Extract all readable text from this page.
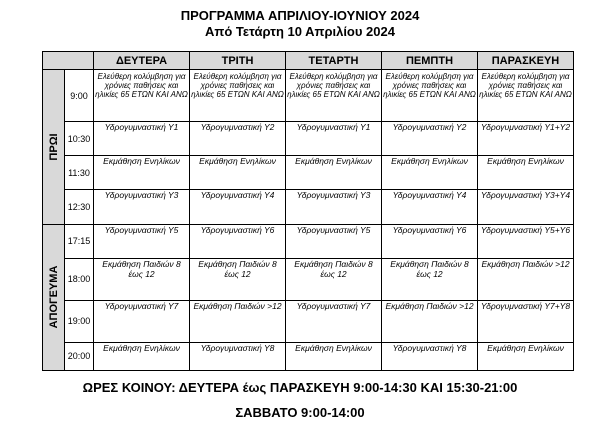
ΠΡΟΓΡΑΜΜΑ ΑΠΡΙΛΙΟΥ-ΙΟΥΝΙΟΥ 2024
Από Τετάρτη 10 Απριλίου 2024
		ΔΕΥΤΕΡΑ	ΤΡΙΤΗ	ΤΕΤΑΡΤΗ	ΠΕΜΠΤΗ	ΠΑΡΑΣΚΕΥΗ

ΠΡΩΙ	9:00	Ελεύθερη κολύμβηση για χρόνιες παθήσεις και ηλικίες 65 ΕΤΩΝ ΚΑΙ ΑΝΩ	Ελεύθερη κολύμβηση για χρόνιες παθήσεις και ηλικίες 65 ΕΤΩΝ ΚΑΙ ΑΝΩ	Ελεύθερη κολύμβηση για χρόνιες παθήσεις και ηλικίες 65 ΕΤΩΝ ΚΑΙ ΑΝΩ	Ελεύθερη κολύμβηση για χρόνιες παθήσεις και ηλικίες 65 ΕΤΩΝ ΚΑΙ ΑΝΩ	Ελεύθερη κολύμβηση για χρόνιες παθήσεις και ηλικίες 65 ΕΤΩΝ ΚΑΙ ΑΝΩ
	10:30	Υδρογυμναστική Υ1	Υδρογυμναστική Υ2	Υδρογυμναστική Υ1	Υδρογυμναστική Υ2	Υδρογυμναστική Υ1+Υ2
	11:30	Εκμάθηση Ενηλίκων	Εκμάθηση Ενηλίκων	Εκμάθηση Ενηλίκων	Εκμάθηση Ενηλίκων	Εκμάθηση Ενηλίκων
	12:30	Υδρογυμναστική Υ3	Υδρογυμναστική Υ4	Υδρογυμναστική Υ3	Υδρογυμναστική Υ4	Υδρογυμναστική Υ3+Υ4

ΑΠΟΓΕΥΜΑ	17:15	Υδρογυμναστική Υ5	Υδρογυμναστική Υ6	Υδρογυμναστική Υ5	Υδρογυμναστική Υ6	Υδρογυμναστική Υ5+Υ6
	18:00	Εκμάθηση Παιδιών 8 έως 12	Εκμάθηση Παιδιών 8 έως 12	Εκμάθηση Παιδιών 8 έως 12	Εκμάθηση Παιδιών 8 έως 12	Εκμάθηση Παιδιών >12
	19:00	Υδρογυμναστική Υ7	Εκμάθηση Παιδιών >12	Υδρογυμναστική Υ7	Εκμάθηση Παιδιών >12	Υδρογυμναστική Υ7+Υ8
	20:00	Εκμάθηση Ενηλίκων	Υδρογυμναστική Υ8	Εκμάθηση Ενηλίκων	Υδρογυμναστική Υ8	Εκμάθηση Ενηλίκων
ΩΡΕΣ ΚΟΙΝΟΥ: ΔΕΥΤΕΡΑ έως ΠΑΡΑΣΚΕΥΗ 9:00-14:30 ΚΑΙ 15:30-21:00
ΣΑΒΒΑΤΟ 9:00-14:00
